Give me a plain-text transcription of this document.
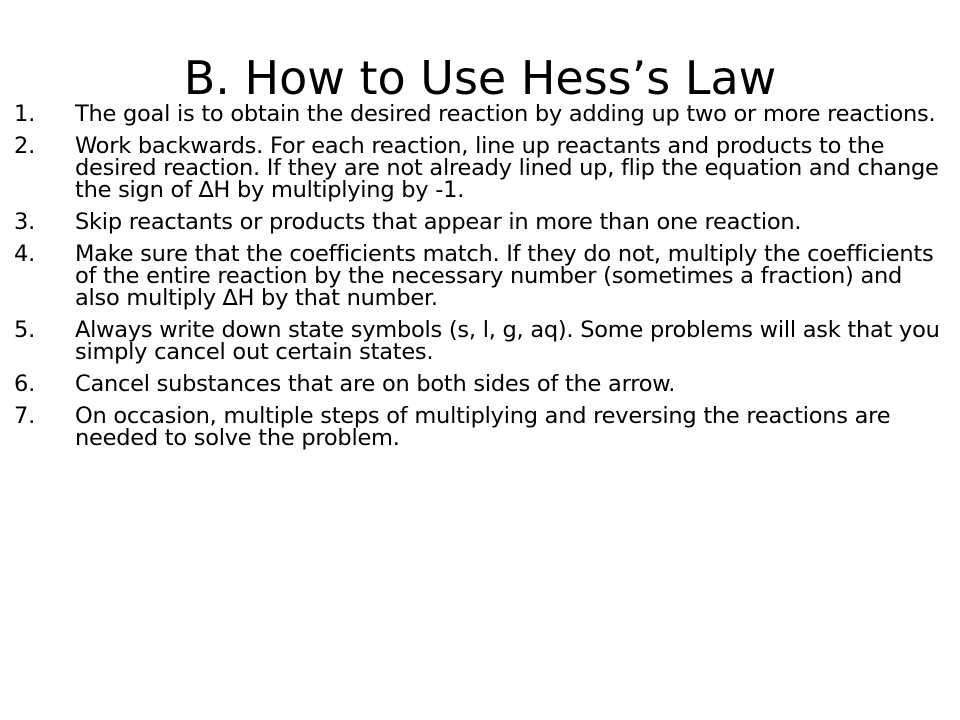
B. How to Use Hess’s Law
1.	The goal is to obtain the desired reaction by adding up two or more reactions.
2.	Work backwards. For each reaction, line up reactants and products to the desired reaction. If they are not already lined up, flip the equation and change the sign of ∆H by multiplying by -1.
3.	Skip reactants or products that appear in more than one reaction.
4.	Make sure that the coefficients match. If they do not, multiply the coefficients of the entire reaction by the necessary number (sometimes a fraction) and also multiply ∆H by that number.
5.	Always write down state symbols (s, l, g, aq). Some problems will ask that you simply cancel out certain states.
6.	Cancel substances that are on both sides of the arrow.
7.	On occasion, multiple steps of multiplying and reversing the reactions are needed to solve the problem.
